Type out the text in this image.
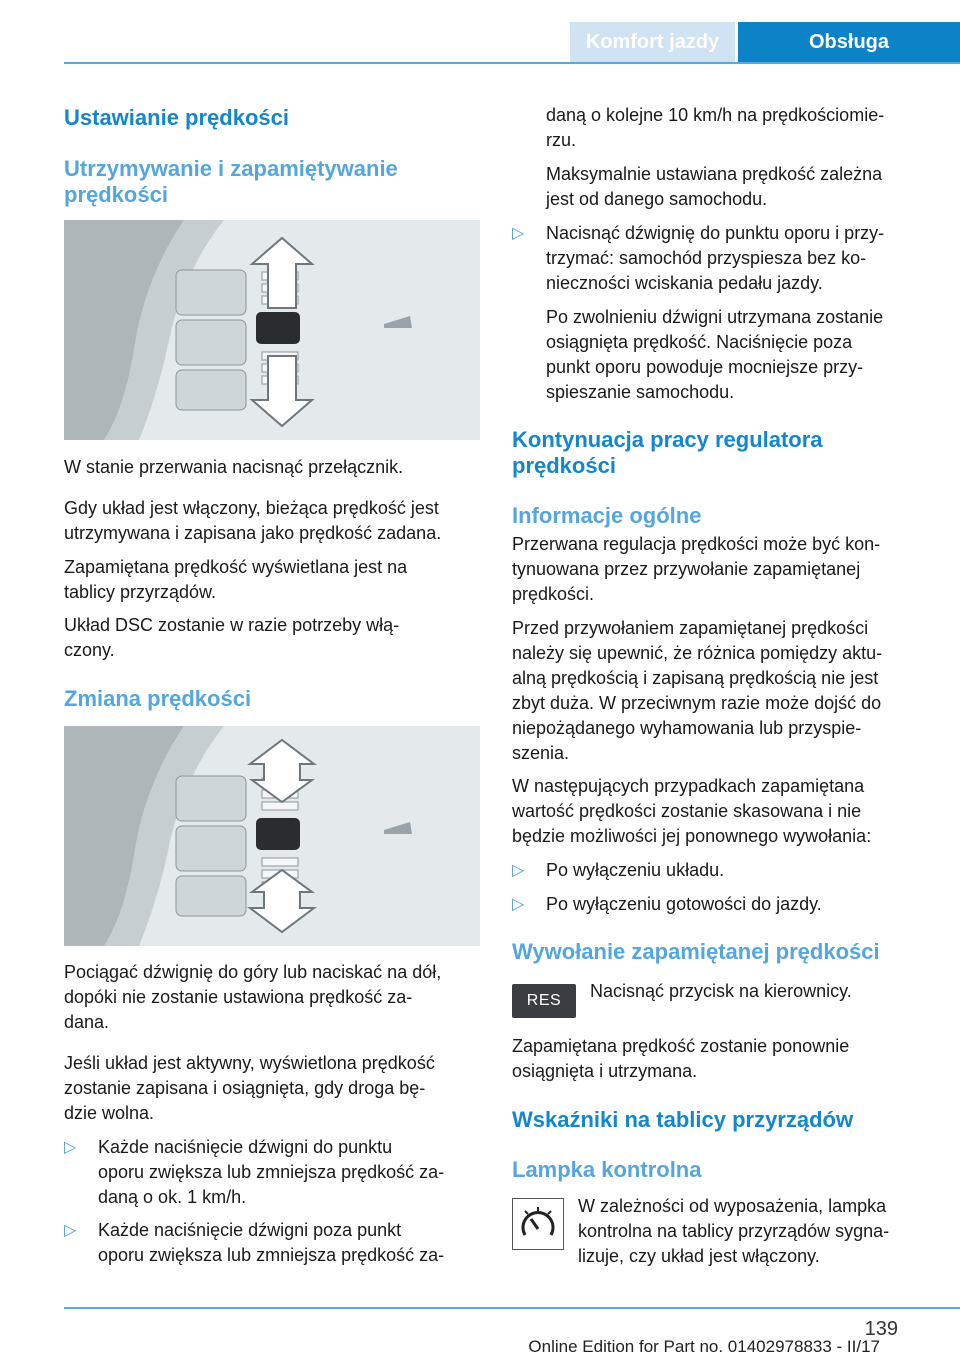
Komfort jazdy	Obsługa
Ustawianie prędkości
Utrzymywanie i zapamiętywanie
prędkości
W stanie przerwania nacisnąć przełącznik.
Gdy układ jest włączony, bieżąca prędkość jest
utrzymywana i zapisana jako prędkość zadana.
Zapamiętana prędkość wyświetlana jest na
tablicy przyrządów.
Układ DSC zostanie w razie potrzeby włą‐
czony.
Zmiana prędkości
Pociągać dźwignię do góry lub naciskać na dół,
dopóki nie zostanie ustawiona prędkość za‐
dana.
Jeśli układ jest aktywny, wyświetlona prędkość
zostanie zapisana i osiągnięta, gdy droga bę‐
dzie wolna.
▷ Każde naciśnięcie dźwigni do punktu
oporu zwiększa lub zmniejsza prędkość za‐
daną o ok. 1 km/h.
▷ Każde naciśnięcie dźwigni poza punkt
oporu zwiększa lub zmniejsza prędkość za‐
daną o kolejne 10 km/h na prędkościomie‐
rzu.
Maksymalnie ustawiana prędkość zależna
jest od danego samochodu.
▷ Nacisnąć dźwignię do punktu oporu i przy‐
trzymać: samochód przyspiesza bez ko‐
nieczności wciskania pedału jazdy.
Po zwolnieniu dźwigni utrzymana zostanie
osiągnięta prędkość. Naciśnięcie poza
punkt oporu powoduje mocniejsze przy‐
spieszanie samochodu.
Kontynuacja pracy regulatora
prędkości
Informacje ogólne
Przerwana regulacja prędkości może być kon‐
tynuowana przez przywołanie zapamiętanej
prędkości.
Przed przywołaniem zapamiętanej prędkości
należy się upewnić, że różnica pomiędzy aktu‐
alną prędkością i zapisaną prędkością nie jest
zbyt duża. W przeciwnym razie może dojść do
niepożądanego wyhamowania lub przyspie‐
szenia.
W następujących przypadkach zapamiętana
wartość prędkości zostanie skasowana i nie
będzie możliwości jej ponownego wywołania:
▷ Po wyłączeniu układu.
▷ Po wyłączeniu gotowości do jazdy.
Wywołanie zapamiętanej prędkości
RES	Nacisnąć przycisk na kierownicy.
Zapamiętana prędkość zostanie ponownie
osiągnięta i utrzymana.
Wskaźniki na tablicy przyrządów
Lampka kontrolna
W zależności od wyposażenia, lampka
kontrolna na tablicy przyrządów sygna‐
lizuje, czy układ jest włączony.
139
Online Edition for Part no. 01402978833 - II/17
